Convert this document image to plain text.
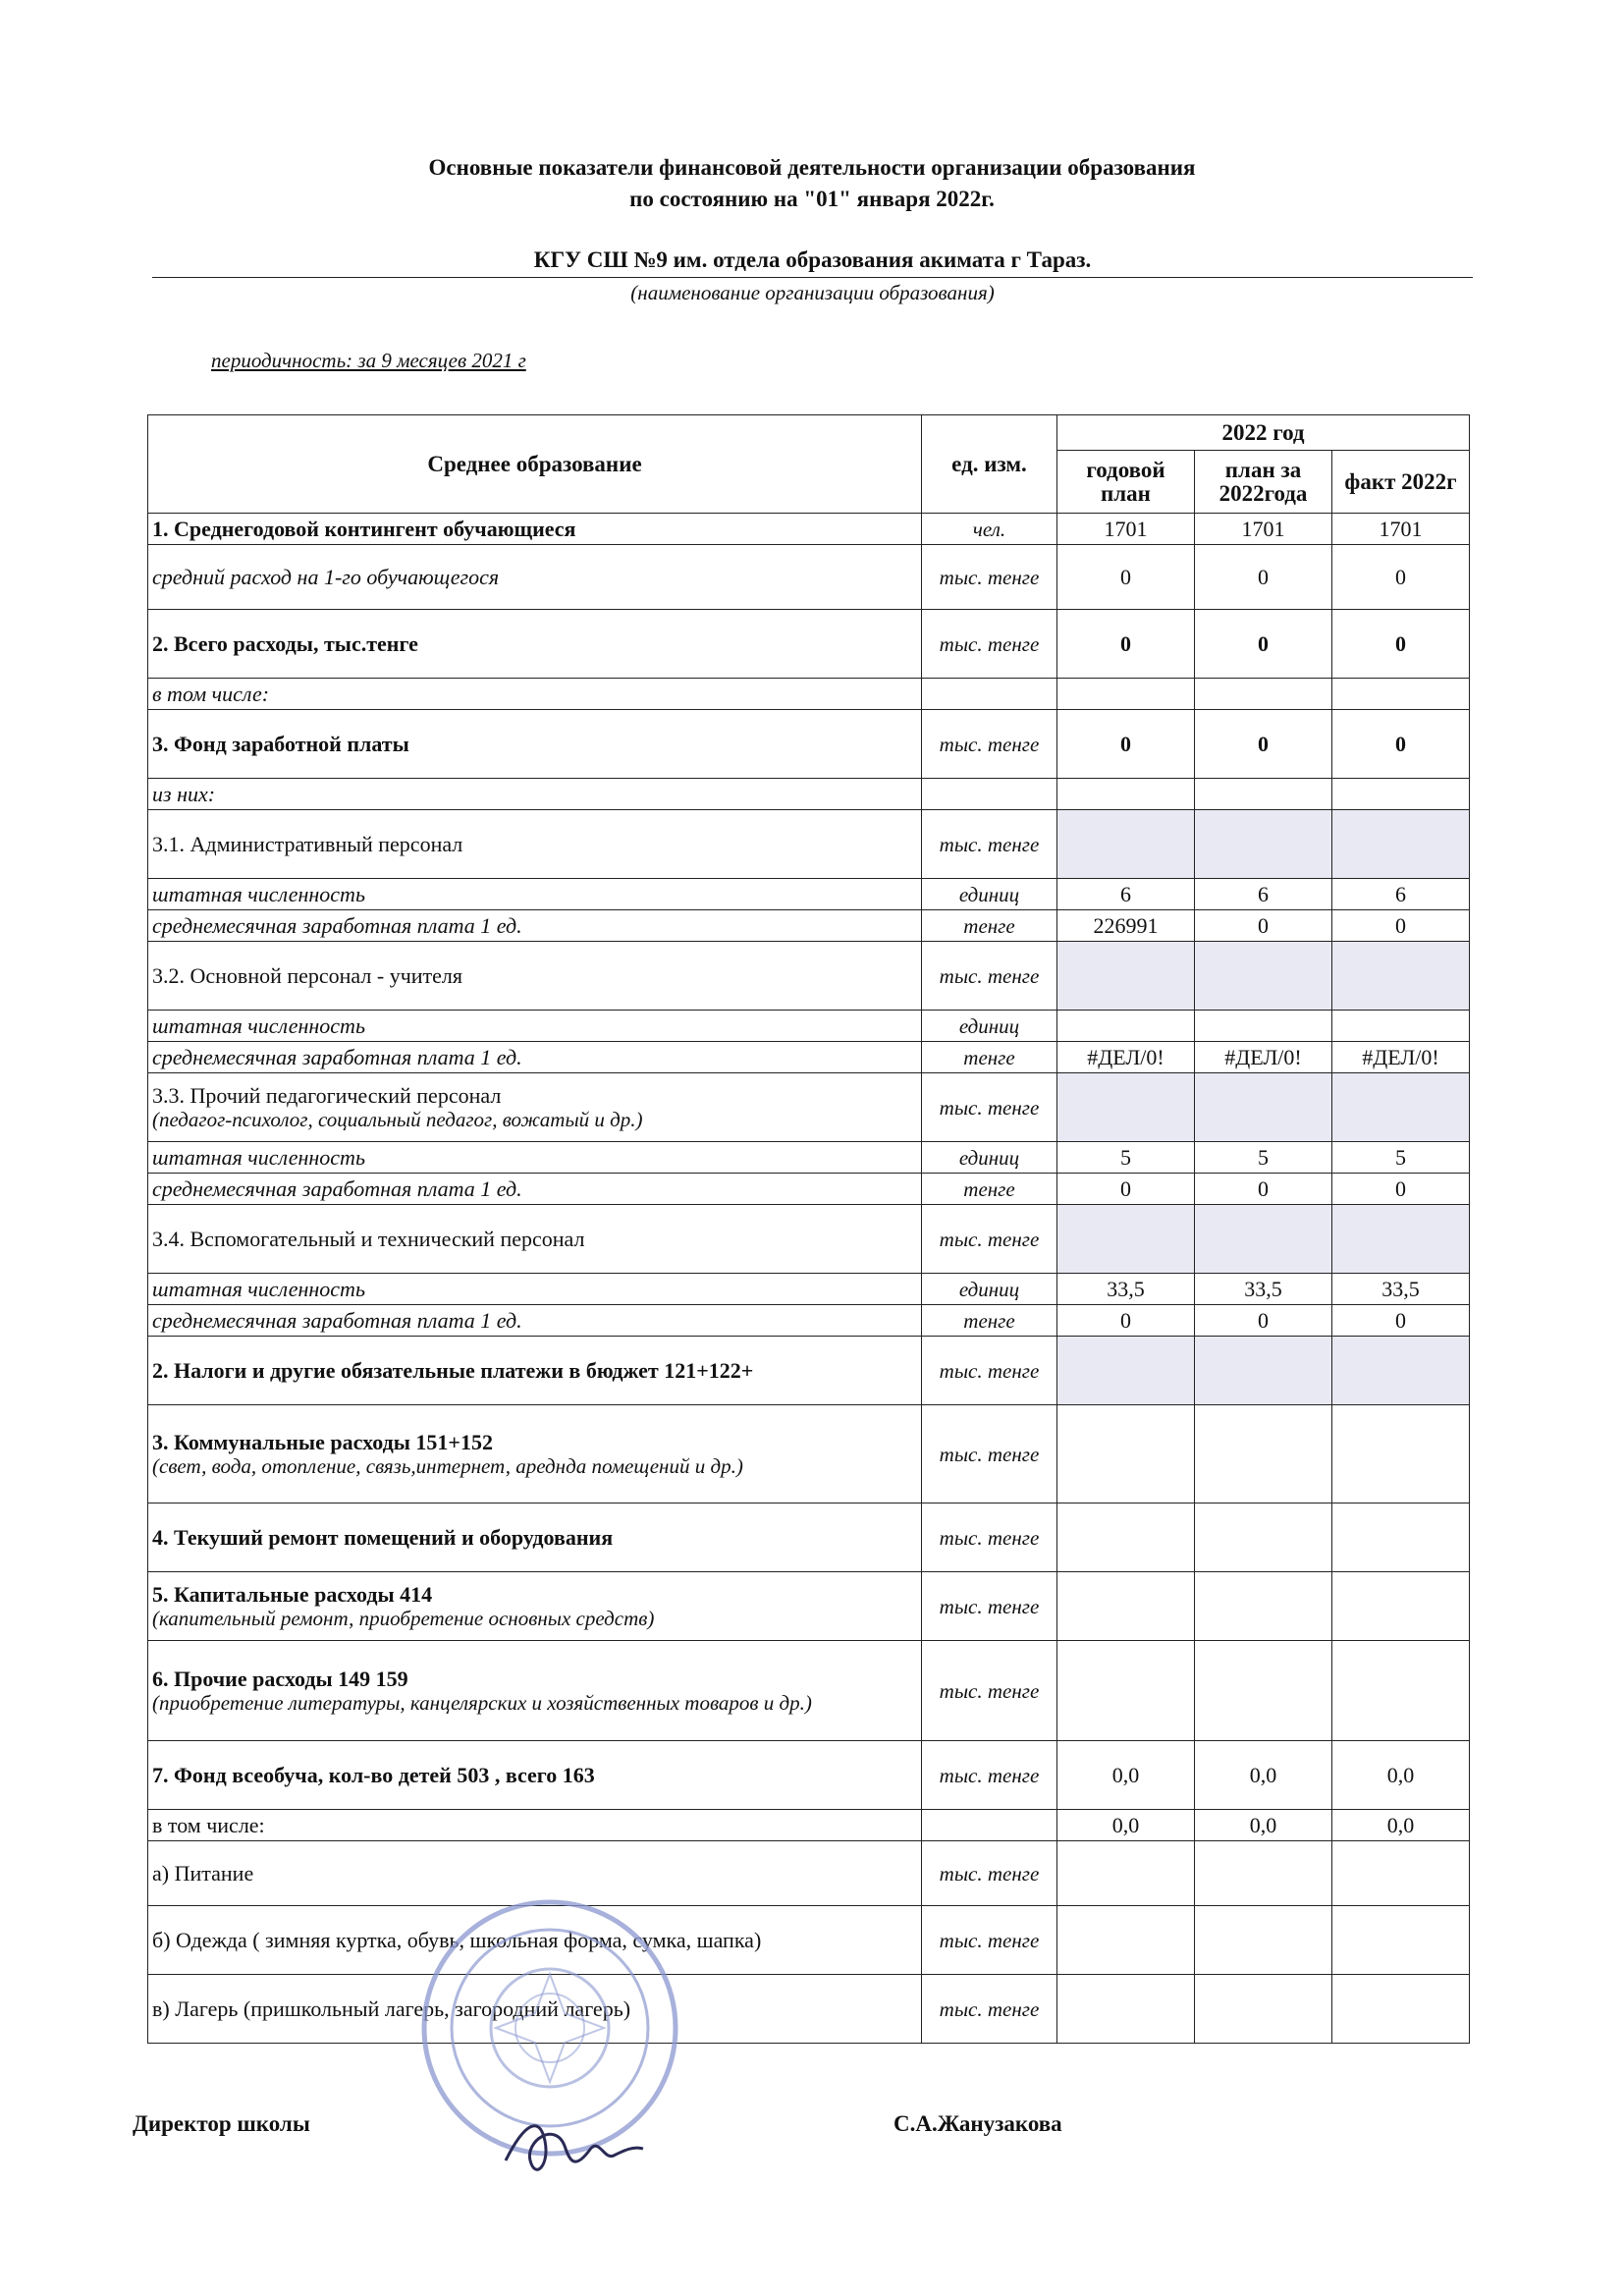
Основные показатели финансовой деятельности организации образования
по состоянию на "01" января 2022г.
КГУ СШ №9 им. отдела образования акимата г Тараз.
(наименование организации образования)
периодичность: за 9 месяцев 2021 г
Среднее образование	ед. изм.	2022 год		
		годовой план	план за 2022года	факт 2022г

1. Среднегодовой контингент обучающиеся	чел.	1701	1701	1701

средний расход на 1-го обучающегося	тыс. тенге	0	0	0

2. Всего расходы, тыс.тенге	тыс. тенге	0	0	0

в том числе:				

3. Фонд заработной платы	тыс. тенге	0	0	0

из них:				

3.1. Административный персонал	тыс. тенге			

штатная численность	единиц	6	6	6

среднемесячная заработная плата 1 ед.	тенге	226991	0	0

3.2. Основной персонал - учителя	тыс. тенге			

штатная численность	единиц			

среднемесячная заработная плата 1 ед.	тенге	#ДЕЛ/0!	#ДЕЛ/0!	#ДЕЛ/0!

3.3. Прочий педагогический персонал
(педагог-психолог, социальный педагог, вожатый и др.)	тыс. тенге			

штатная численность	единиц	5	5	5

среднемесячная заработная плата 1 ед.	тенге	0	0	0

3.4. Вспомогательный и технический персонал	тыс. тенге			

штатная численность	единиц	33,5	33,5	33,5

среднемесячная заработная плата 1 ед.	тенге	0	0	0

2. Налоги и другие обязательные платежи в бюджет 121+122+	тыс. тенге			

3. Коммунальные расходы 151+152
(свет, вода, отопление, связь,интернет, аредндa помещений и др.)	тыс. тенге			

4. Текуший ремонт помещений и оборудования	тыс. тенге			

5. Капитальные расходы 414
(капительный ремонт, приобретение основных средств)	тыс. тенге			

6. Прочие расходы 149 159
(приобретение литературы, канцелярских и хозяйственных товаров и др.)	тыс. тенге			

7. Фонд всеобуча, кол-во детей 503 , всего 163	тыс. тенге	0,0	0,0	0,0

в том числе:		0,0	0,0	0,0

а) Питание	тыс. тенге			

б) Одежда ( зимняя куртка, обувь, школьная форма, сумка, шапка)	тыс. тенге			

в) Лагерь (пришкольный лагерь, загородний лагерь)	тыс. тенге			
Директор школы	С.А.Жанузакова
